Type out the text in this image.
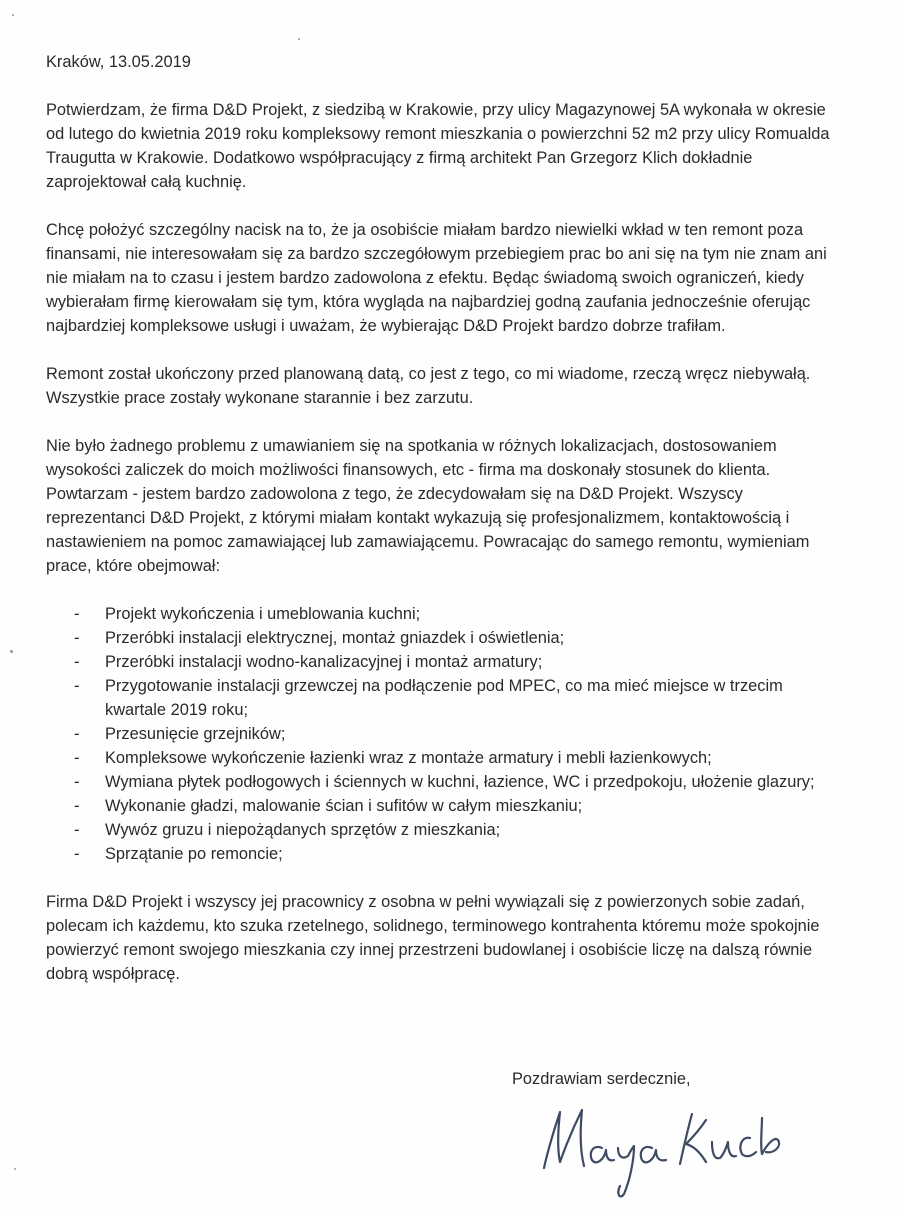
Kraków, 13.05.2019

Potwierdzam, że firma D&D Projekt, z siedzibą w Krakowie, przy ulicy Magazynowej 5A wykonała w okresie od lutego do kwietnia 2019 roku kompleksowy remont mieszkania o powierzchni 52 m2 przy ulicy Romualda Traugutta w Krakowie. Dodatkowo współpracujący z firmą architekt Pan Grzegorz Klich dokładnie zaprojektował całą kuchnię.

Chcę położyć szczególny nacisk na to, że ja osobiście miałam bardzo niewielki wkład w ten remont poza finansami, nie interesowałam się za bardzo szczegółowym przebiegiem prac bo ani się na tym nie znam ani nie miałam na to czasu i jestem bardzo zadowolona z efektu. Będąc świadomą swoich ograniczeń, kiedy wybierałam firmę kierowałam się tym, która wygląda na najbardziej godną zaufania jednocześnie oferując najbardziej kompleksowe usługi i uważam, że wybierając D&D Projekt bardzo dobrze trafiłam.

Remont został ukończony przed planowaną datą, co jest z tego, co mi wiadome, rzeczą wręcz niebywałą. Wszystkie prace zostały wykonane starannie i bez zarzutu.

Nie było żadnego problemu z umawianiem się na spotkania w różnych lokalizacjach, dostosowaniem wysokości zaliczek do moich możliwości finansowych, etc - firma ma doskonały stosunek do klienta. Powtarzam - jestem bardzo zadowolona z tego, że zdecydowałam się na D&D Projekt. Wszyscy reprezentanci D&D Projekt, z którymi miałam kontakt wykazują się profesjonalizmem, kontaktowością i nastawieniem na pomoc zamawiającej lub zamawiającemu. Powracając do samego remontu, wymieniam prace, które obejmował:

- Projekt wykończenia i umeblowania kuchni;
- Przeróbki instalacji elektrycznej, montaż gniazdek i oświetlenia;
- Przeróbki instalacji wodno-kanalizacyjnej i montaż armatury;
- Przygotowanie instalacji grzewczej na podłączenie pod MPEC, co ma mieć miejsce w trzecim kwartale 2019 roku;
- Przesunięcie grzejników;
- Kompleksowe wykończenie łazienki wraz z montaże armatury i mebli łazienkowych;
- Wymiana płytek podłogowych i ściennych w kuchni, łazience, WC i przedpokoju, ułożenie glazury;
- Wykonanie gładzi, malowanie ścian i sufitów w całym mieszkaniu;
- Wywóz gruzu i niepożądanych sprzętów z mieszkania;
- Sprzątanie po remoncie;

Firma D&D Projekt i wszyscy jej pracownicy z osobna w pełni wywiązali się z powierzonych sobie zadań, polecam ich każdemu, kto szuka rzetelnego, solidnego, terminowego kontrahenta któremu może spokojnie powierzyć remont swojego mieszkania czy innej przestrzeni budowlanej i osobiście liczę na dalszą równie dobrą współpracę.

Pozdrawiam serdecznie,
